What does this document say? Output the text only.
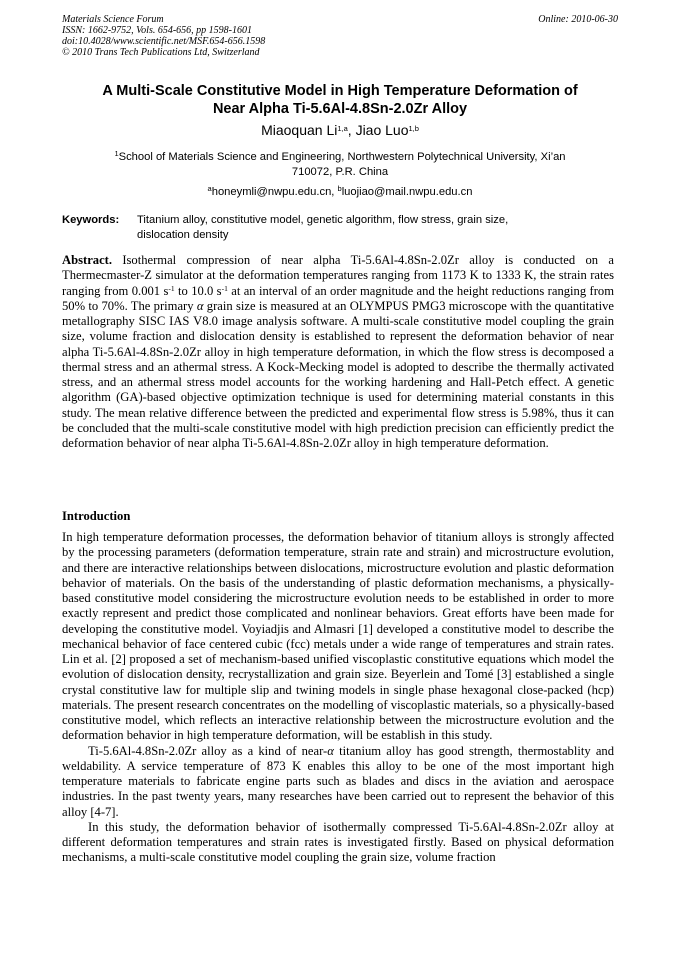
Materials Science Forum	Online: 2010-06-30
ISSN: 1662-9752, Vols. 654-656, pp 1598-1601
doi:10.4028/www.scientific.net/MSF.654-656.1598
© 2010 Trans Tech Publications Ltd, Switzerland
A Multi-Scale Constitutive Model in High Temperature Deformation of
Near Alpha Ti-5.6Al-4.8Sn-2.0Zr Alloy
Miaoquan Li$^{1,a}$, Jiao Luo$^{1,b}$
$^1$School of Materials Science and Engineering, Northwestern Polytechnical University, Xi’an
710072, P.R. China
$^a$honeymli@nwpu.edu.cn, $^b$luojiao@mail.nwpu.edu.cn
Keywords:	Titanium alloy, constitutive model, genetic algorithm, flow stress, grain size, dislocation density
Abstract. Isothermal compression of near alpha Ti-5.6Al-4.8Sn-2.0Zr alloy is conducted on a Thermecmaster-Z simulator at the deformation temperatures ranging from 1173 K to 1333 K, the strain rates ranging from 0.001 $s^{-1}$ to 10.0 $s^{-1}$ at an interval of an order magnitude and the height reductions ranging from 50% to 70%. The primary α grain size is measured at an OLYMPUS PMG3 microscope with the quantitative metallography SISC IAS V8.0 image analysis software. A multi-scale constitutive model coupling the grain size, volume fraction and dislocation density is established to represent the deformation behavior of near alpha Ti-5.6Al-4.8Sn-2.0Zr alloy in high temperature deformation, in which the flow stress is decomposed a thermal stress and an athermal stress. A Kock-Mecking model is adopted to describe the thermally activated stress, and an athermal stress model accounts for the working hardening and Hall-Petch effect. A genetic algorithm (GA)-based objective optimization technique is used for determining material constants in this study. The mean relative difference between the predicted and experimental flow stress is 5.98%, thus it can be concluded that the multi-scale constitutive model with high prediction precision can efficiently predict the deformation behavior of near alpha Ti-5.6Al-4.8Sn-2.0Zr alloy in high temperature deformation.
Introduction

In high temperature deformation processes, the deformation behavior of titanium alloys is strongly affected by the processing parameters (deformation temperature, strain rate and strain) and microstructure evolution, and there are interactive relationships between dislocations, microstructure evolution and plastic deformation behavior of materials. On the basis of the understanding of plastic deformation mechanisms, a physically-based constitutive model considering the microstructure evolution needs to be established in order to more exactly represent and predict those complicated and nonlinear behaviors. Great efforts have been made for developing the constitutive model. Voyiadjis and Almasri [1] developed a constitutive model to describe the mechanical behavior of face centered cubic (fcc) metals under a wide range of temperatures and strain rates. Lin et al. [2] proposed a set of mechanism-based unified viscoplastic constitutive equations which model the evolution of dislocation density, recrystallization and grain size. Beyerlein and Tomé [3] established a single crystal constitutive law for multiple slip and twining models in single phase hexagonal close-packed (hcp) materials. The present research concentrates on the modelling of viscoplastic materials, so a physically-based constitutive model, which reflects an interactive relationship between the microstructure evolution and the deformation behavior in high temperature deformation, will be establish in this study.

Ti-5.6Al-4.8Sn-2.0Zr alloy as a kind of near-α titanium alloy has good strength, thermostablity and weldability. A service temperature of 873 K enables this alloy to be one of the most important high temperature materials to fabricate engine parts such as blades and discs in the aviation and aerospace industries. In the past twenty years, many researches have been carried out to represent the behavior of this alloy [4-7].

In this study, the deformation behavior of isothermally compressed Ti-5.6Al-4.8Sn-2.0Zr alloy at different deformation temperatures and strain rates is investigated firstly. Based on physical deformation mechanisms, a multi-scale constitutive model coupling the grain size, volume fraction
